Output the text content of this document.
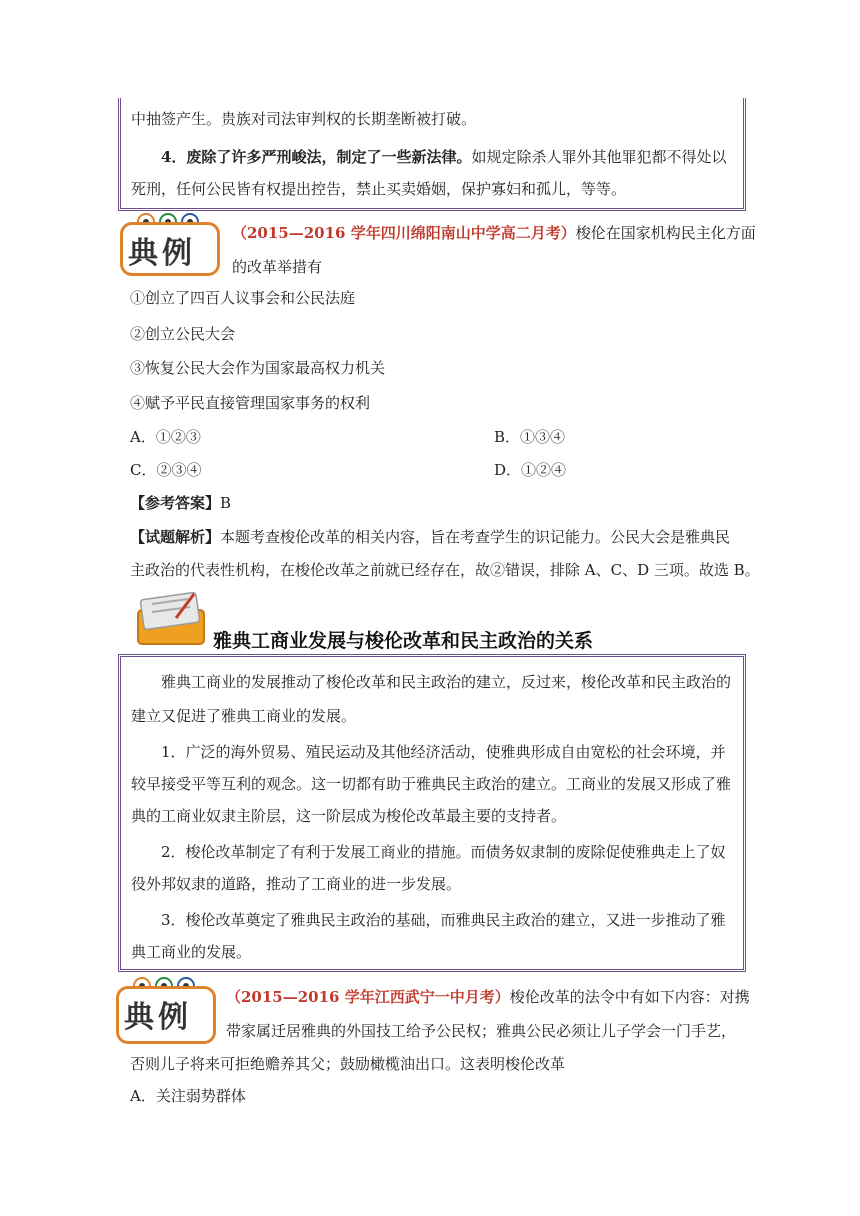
中抽签产生。贵族对司法审判权的长期垄断被打破。
4．废除了许多严刑峻法，制定了一些新法律。如规定除杀人罪外其他罪犯都不得处以
死刑，任何公民皆有权提出控告，禁止买卖婚姻，保护寡妇和孤儿，等等。
典例
（2015—2016 学年四川绵阳南山中学高二月考）梭伦在国家机构民主化方面
的改革举措有
①创立了四百人议事会和公民法庭
②创立公民大会
③恢复公民大会作为国家最高权力机关
④赋予平民直接管理国家事务的权利
A．①②③	B．①③④
C．②③④	D．①②④
【参考答案】B
【试题解析】本题考查梭伦改革的相关内容，旨在考查学生的识记能力。公民大会是雅典民
主政治的代表性机构，在梭伦改革之前就已经存在，故②错误，排除 A、C、D 三项。故选 B。
雅典工商业发展与梭伦改革和民主政治的关系
雅典工商业的发展推动了梭伦改革和民主政治的建立，反过来，梭伦改革和民主政治的
建立又促进了雅典工商业的发展。
1．广泛的海外贸易、殖民运动及其他经济活动，使雅典形成自由宽松的社会环境，并
较早接受平等互利的观念。这一切都有助于雅典民主政治的建立。工商业的发展又形成了雅
典的工商业奴隶主阶层，这一阶层成为梭伦改革最主要的支持者。
2．梭伦改革制定了有利于发展工商业的措施。而债务奴隶制的废除促使雅典走上了奴
役外邦奴隶的道路，推动了工商业的进一步发展。
3．梭伦改革奠定了雅典民主政治的基础，而雅典民主政治的建立，又进一步推动了雅
典工商业的发展。
典例
（2015—2016 学年江西武宁一中月考）梭伦改革的法令中有如下内容：对携
带家属迁居雅典的外国技工给予公民权；雅典公民必须让儿子学会一门手艺，
否则儿子将来可拒绝赡养其父；鼓励橄榄油出口。这表明梭伦改革
A．关注弱势群体
